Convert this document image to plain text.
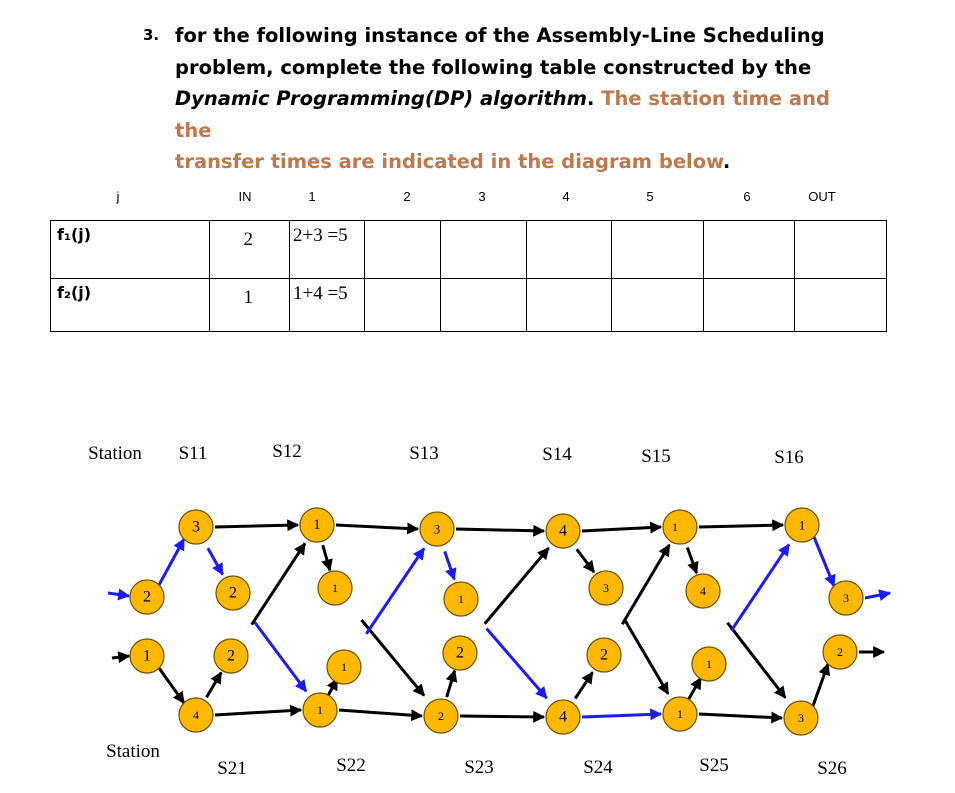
3. for the following instance of the Assembly-Line Scheduling
problem, complete the following table constructed by the
Dynamic Programming(DP) algorithm. The station time and the
transfer times are indicated in the diagram below.
j	IN	1	2	3	4	5	6	OUT
f₁(j)	2	2+3 =5						

f₂(j)	1	1+4 =5						

2
1
3	1	3	4	1	1
4	1	2	4	1	3
2	1
1
3	4	3
2
1
2	2
1
2
Station
Station
S11	S12	S13	S14	S15	S16
S21	S22	S23	S24	S25	S26
